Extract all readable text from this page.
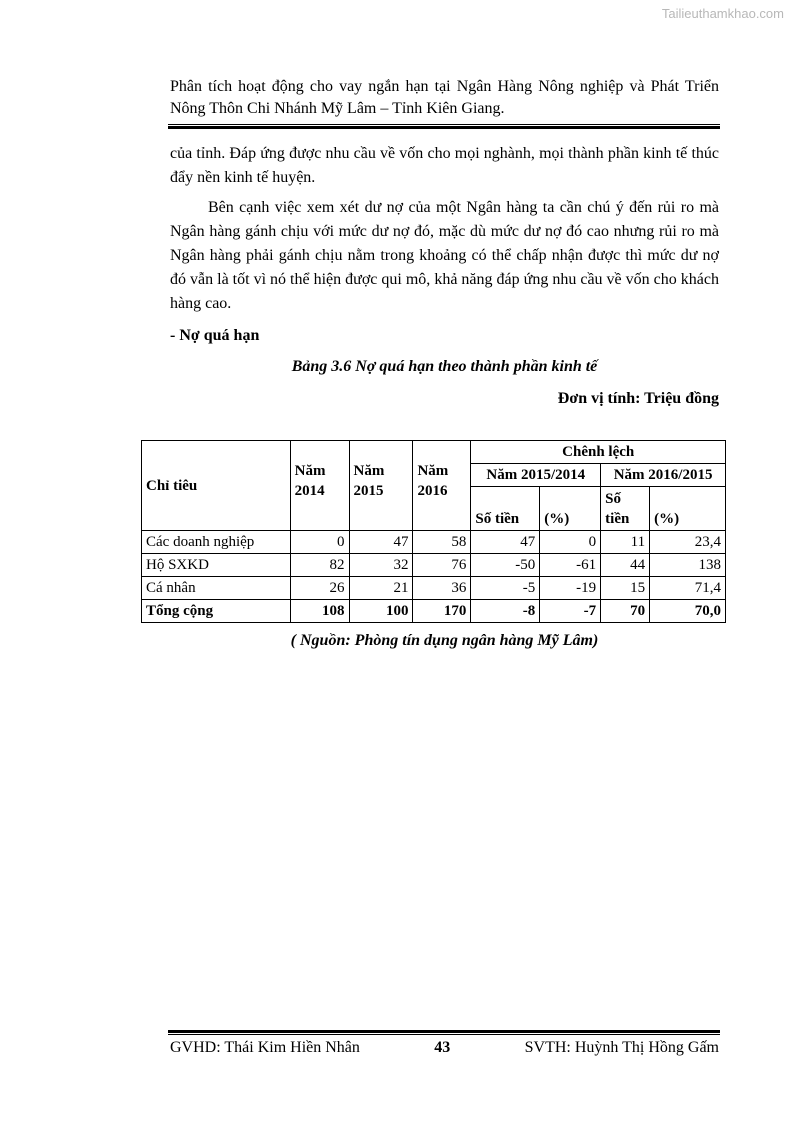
Tailieuthamkhao.com
Phân tích hoạt động cho vay ngắn hạn tại Ngân Hàng Nông nghiệp và Phát Triển Nông Thôn Chi Nhánh Mỹ Lâm – Tỉnh Kiên Giang.

của tỉnh. Đáp ứng được nhu cầu về vốn cho mọi nghành, mọi thành phần kinh tế thúc đẩy nền kinh tế huyện.

Bên cạnh việc xem xét dư nợ của một Ngân hàng ta cần chú ý đến rủi ro mà Ngân hàng gánh chịu với mức dư nợ đó, mặc dù mức dư nợ đó cao nhưng rủi ro mà Ngân hàng phải gánh chịu nằm trong khoảng có thể chấp nhận được thì mức dư nợ đó vẫn là tốt vì nó thể hiện được qui mô, khả năng đáp ứng nhu cầu về vốn cho khách hàng cao.

- Nợ quá hạn
Bảng 3.6 Nợ quá hạn theo thành phần kinh tế
Đơn vị tính: Triệu đồng
Chỉ tiêu	Năm 2014	Năm 2015	Năm 2016	Chênh lệch			
				Năm 2015/2014		Năm 2016/2015	
				Số tiền	(%)	Số tiền	(%)
Các doanh nghiệp	0	47	58	47	0	11	23,4
Hộ SXKD	82	32	76	-50	-61	44	138
Cá nhân	26	21	36	-5	-19	15	71,4
Tổng cộng	108	100	170	-8	-7	70	70,0
( Nguồn: Phòng tín dụng ngân hàng Mỹ Lâm)
GVHD: Thái Kim Hiền Nhân	43	SVTH: Huỳnh Thị Hồng Gấm
